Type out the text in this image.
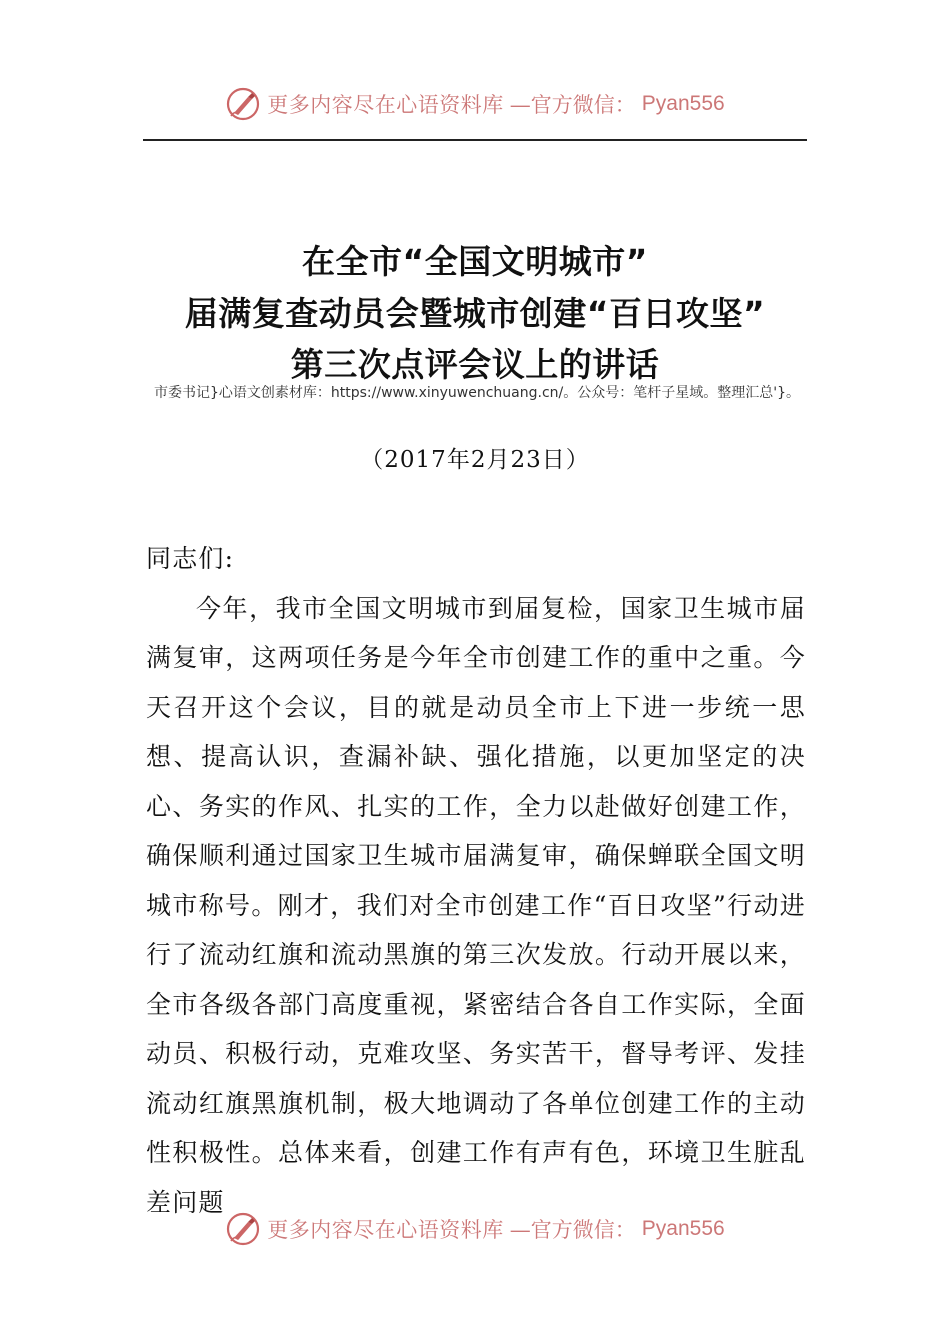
更多内容尽在心语资料库 —官方微信： Pyan556
在全市“全国文明城市”
届满复查动员会暨城市创建“百日攻坚”
第三次点评会议上的讲话
市委书记}心语文创素材库：https://www.xinyuwenchuang.cn/。公众号：笔杆子星域。整理汇总'}。
（2017年2月23日）

同志们:

今年，我市全国文明城市到届复检，国家卫生城市届满复审，这两项任务是今年全市创建工作的重中之重。今天召开这个会议，目的就是动员全市上下进一步统一思想、提高认识，查漏补缺、强化措施，以更加坚定的决心、务实的作风、扎实的工作，全力以赴做好创建工作，确保顺利通过国家卫生城市届满复审，确保蝉联全国文明城市称号。刚才，我们对全市创建工作“百日攻坚”行动进行了流动红旗和流动黑旗的第三次发放。行动开展以来，全市各级各部门高度重视，紧密结合各自工作实际，全面动员、积极行动，克难攻坚、务实苦干，督导考评、发挂流动红旗黑旗机制，极大地调动了各单位创建工作的主动性积极性。总体来看，创建工作有声有色，环境卫生脏乱差问题

更多内容尽在心语资料库 —官方微信： Pyan556
